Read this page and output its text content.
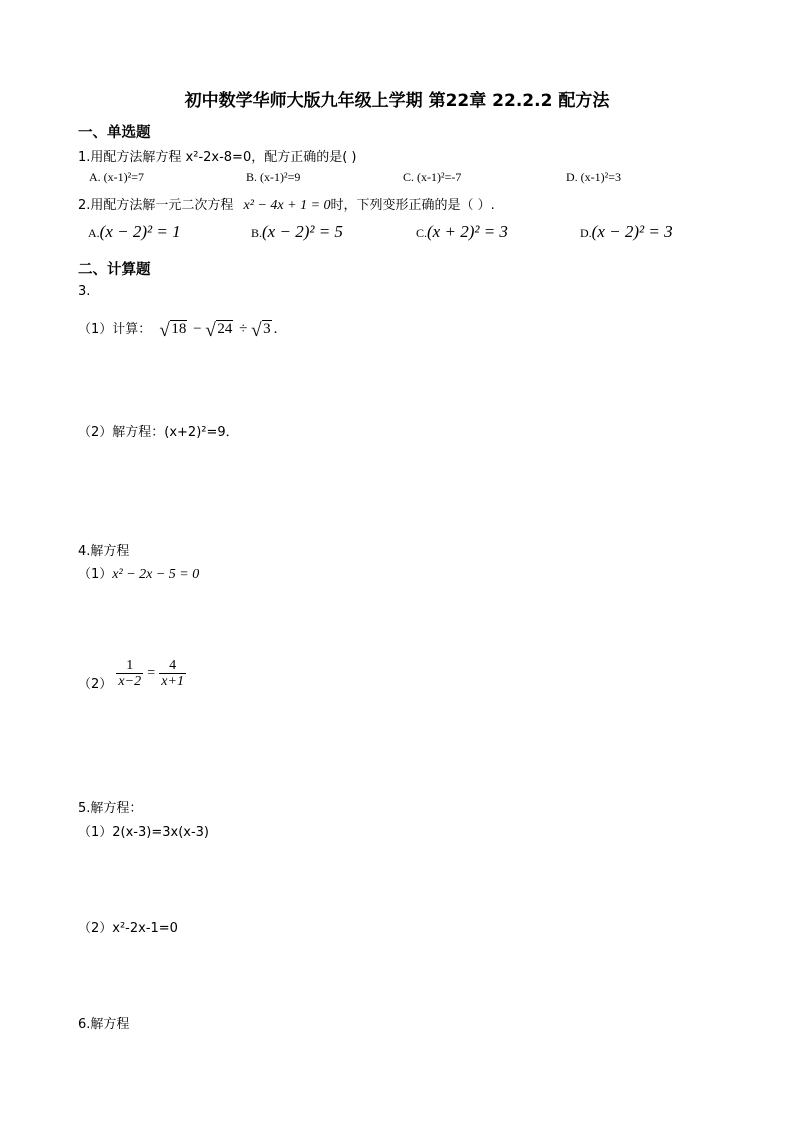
初中数学华师大版九年级上学期 第22章 22.2.2 配方法
一、单选题
1.用配方法解方程 x²-2x-8=0，配方正确的是( )
A. (x-1)²=7	B. (x-1)²=9	C. (x-1)²=-7	D. (x-1)²=3
2.用配方法解一元二次方程 x² − 4x + 1 = 0时，下列变形正确的是（ ）.
A.(x − 2)² = 1	B.(x − 2)² = 5	C.(x + 2)² = 3	D.(x − 2)² = 3
二、计算题
3.
（1）计算： √ 18 − √ 24 ÷ √ 3 .
（2）解方程：(x+2)²=9．
4.解方程
（1）x² − 2x − 5 = 0
$(2) \frac{1}{x-2} = \frac{4}{x+1}$
5.解方程：
（1）2(x-3)=3x(x-3)
（2）x²-2x-1=0
6.解方程
